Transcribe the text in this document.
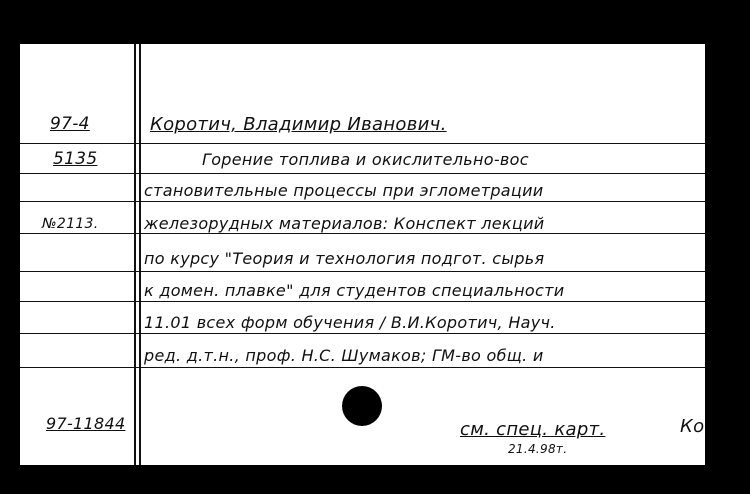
97-4
5135
№2113.
97-11844
Коротич, Владимир Иванович.
Горение топлива и окислительно-вос
становительные процессы при эглометрации
железорудных материалов: Конспект лекций
по курсу "Теория и технология подгот. сырья
к домен. плавке" для студентов специальности
11.01 всех форм обучения / В.И.Коротич, Науч.
ред. д.т.н., проф. Н.С. Шумаков; ГМ-во общ. и
см. спец. карт.
21.4.98т.
Ко
